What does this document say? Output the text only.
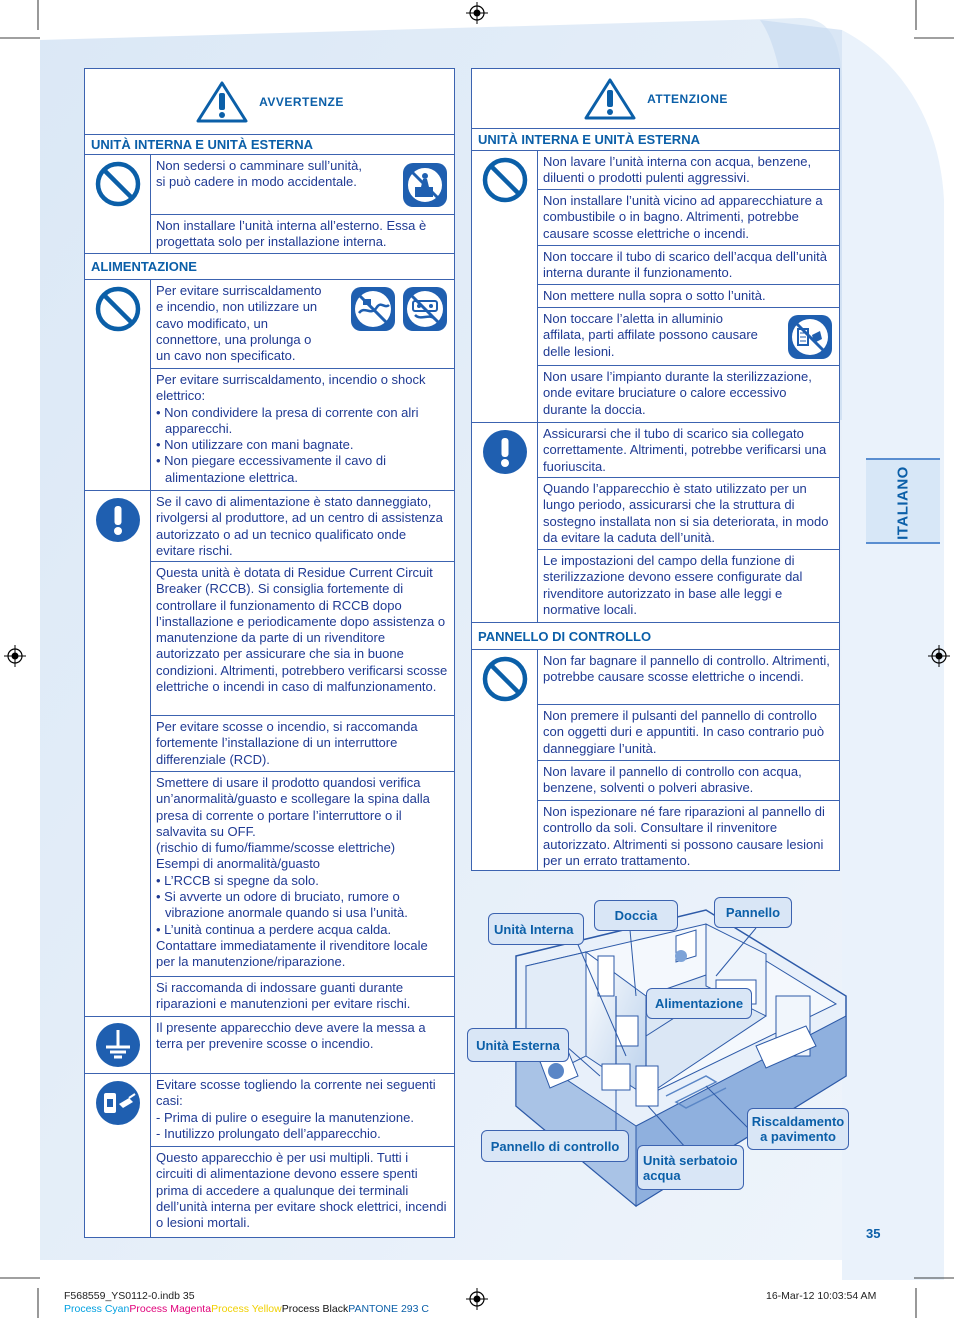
AVVERTENZE
UNITÀ INTERNA E UNITÀ ESTERNA
Non sedersi o camminare sull’unità, si può cadere in modo accidentale.
Non installare l’unità interna all’esterno. Essa è progettata solo per installazione interna.
ALIMENTAZIONE
Per evitare surriscaldamento e incendio, non utilizzare un cavo modificato, un connettore, una prolunga o un cavo non specificato.
Per evitare surriscaldamento, incendio o shock elettrico:
• Non condividere la presa di corrente con alri apparecchi.
• Non utilizzare con mani bagnate.
• Non piegare eccessivamente il cavo di alimentazione elettrica.
Se il cavo di alimentazione è stato danneggiato, rivolgersi al produttore, ad un centro di assistenza autorizzato o ad un tecnico qualificato onde evitare rischi.
Questa unità è dotata di Residue Current Circuit Breaker (RCCB). Si consiglia fortemente di controllare il funzionamento di RCCB dopo l’installazione e periodicamente dopo assistenza o manutenzione da parte di un rivenditore autorizzato per assicurare che sia in buone condizioni. Altrimenti, potrebbero verificarsi scosse elettriche o incendi in caso di malfunzionamento.
Per evitare scosse o incendio, si raccomanda fortemente l’installazione di un interruttore differenziale (RCD).
Smettere di usare il prodotto quandosi verifica un’anormalità/guasto e scollegare la spina dalla presa di corrente o portare l’interruttore o il salvavita su OFF.
(rischio di fumo/fiamme/scosse elettriche)
Esempi di anormalità/guasto
• L’RCCB si spegne da solo.
• Si avverte un odore di bruciato, rumore o vibrazione anormale quando si usa l’unità.
• L’unità continua a perdere acqua calda.
Contattare immediatamente il rivenditore locale per la manutenzione/riparazione.
Si raccomanda di indossare guanti durante riparazioni e manutenzioni per evitare rischi.
Il presente apparecchio deve avere la messa a terra per prevenire scosse o incendio.
Evitare scosse togliendo la corrente nei seguenti casi:
- Prima di pulire o eseguire la manutenzione.
- Inutilizzo prolungato dell’apparecchio.
Questo apparecchio è per usi multipli. Tutti i circuiti di alimentazione devono essere spenti prima di accedere a qualunque dei terminali dell’unità interna per evitare shock elettrici, incendi o lesioni mortali.
ATTENZIONE
UNITÀ INTERNA E UNITÀ ESTERNA
Non lavare l’unità interna con acqua, benzene, diluenti o prodotti pulenti aggressivi.
Non installare l’unità vicino ad apparecchiature a combustibile o in bagno. Altrimenti, potrebbe causare scosse elettriche o incendi.
Non toccare il tubo di scarico dell’acqua dell’unità interna durante il funzionamento.
Non mettere nulla sopra o sotto l’unità.
Non toccare l’aletta in alluminio affilata, parti affilate possono causare delle lesioni.
Non usare l’impianto durante la sterilizzazione, onde evitare bruciature o calore eccessivo durante la doccia.
Assicurarsi che il tubo di scarico sia collegato correttamente. Altrimenti, potrebbe verificarsi una fuoriuscita.
Quando l’apparecchio è stato utilizzato per un lungo periodo, assicurarsi che la struttura di sostegno installata non si sia deteriorata, in modo da evitare la caduta dell’unità.
Le impostazioni del campo della funzione di sterilizzazione devono essere configurate dal rivenditore autorizzato in base alle leggi e normative locali.
PANNELLO DI CONTROLLO
Non far bagnare il pannello di controllo. Altrimenti, potrebbe causare scosse elettriche o incendi.
Non premere il pulsanti del pannello di controllo con oggetti duri e appuntiti. In caso contrario può danneggiare l’unità.
Non lavare il pannello di controllo con acqua, benzene, solventi o polveri abrasive.
Non ispezionare né fare riparazioni al pannello di controllo da soli. Consultare il rinvenitore autorizzato. Altrimenti si possono causare lesioni per un errato trattamento.
Unità Interna
Doccia	Pannello
Alimentazione
Unità Esterna
Riscaldamento a pavimento
Pannello di controllo
Unità serbatoio acqua
ITALIANO
35
F568559_YS0112-0.indb 35	16-Mar-12 10:03:54 AM
Process CyanProcess MagentaProcess YellowProcess BlackPANTONE 293 C
